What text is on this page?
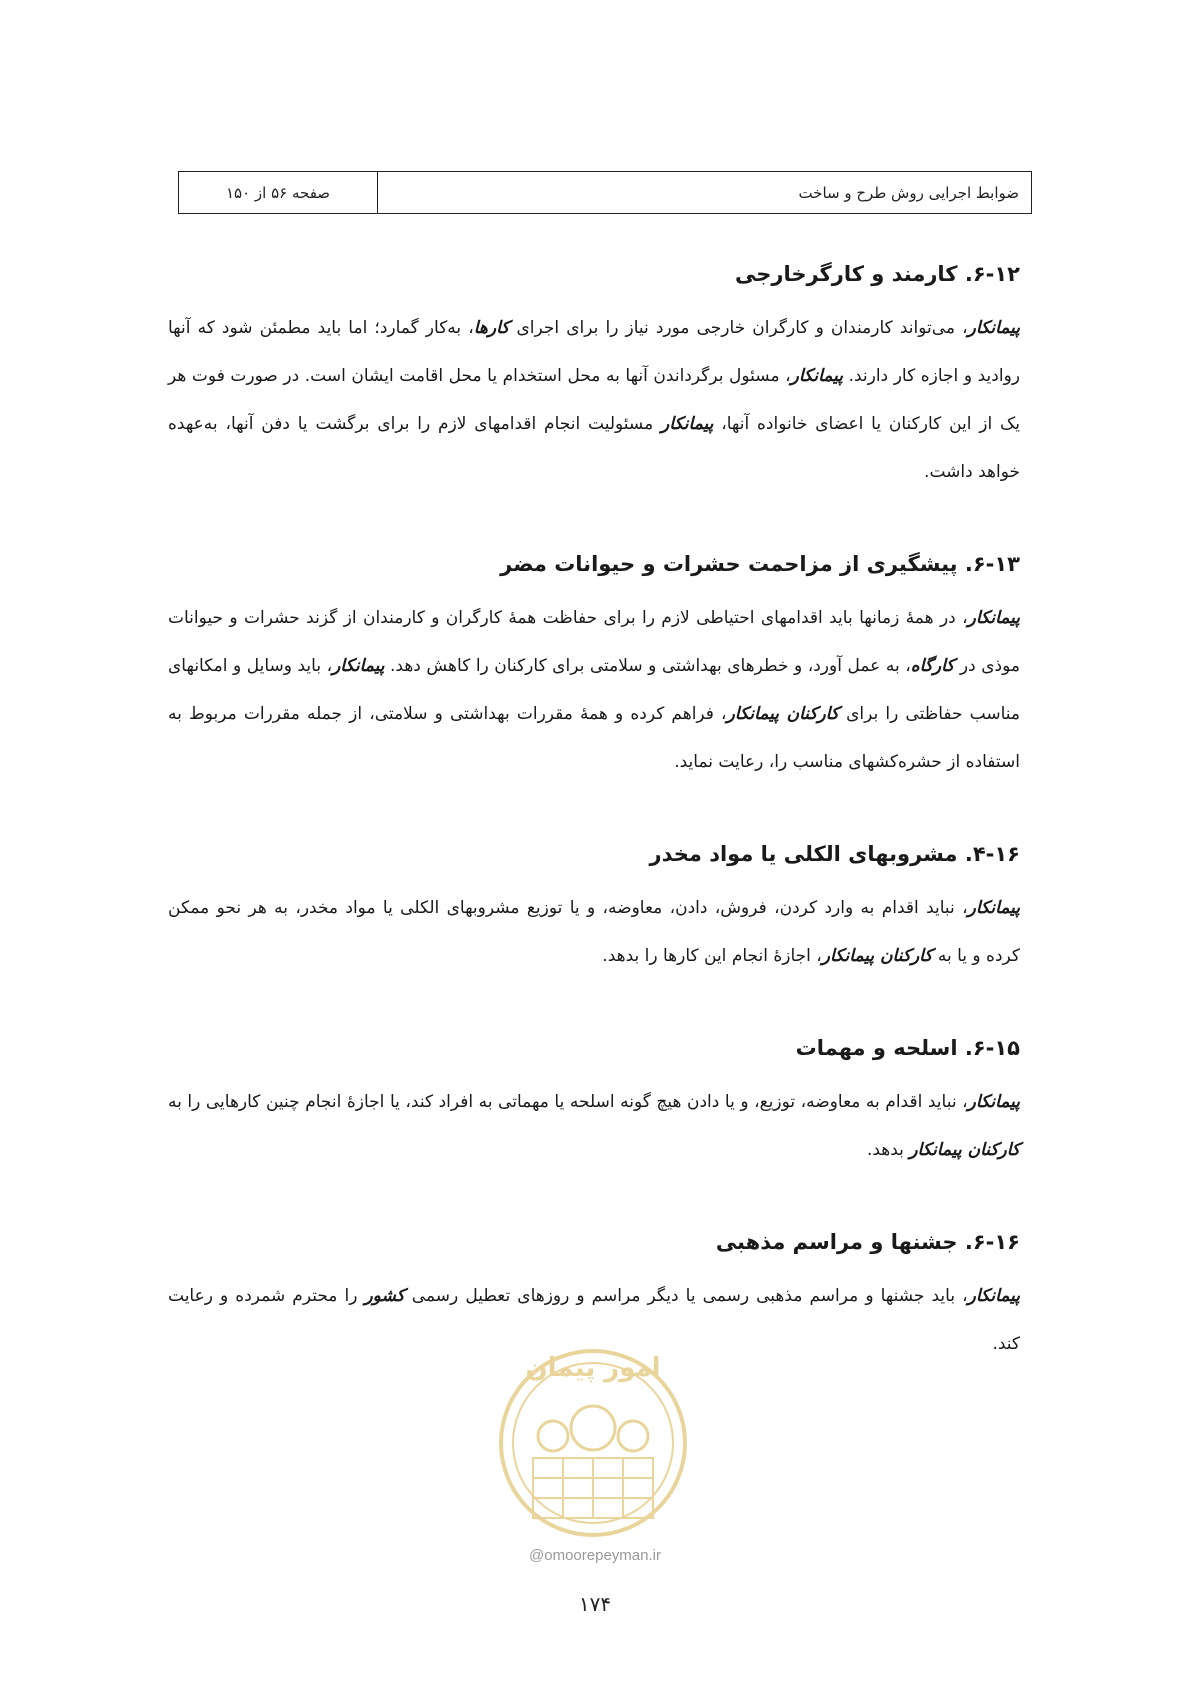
ضوابط اجرایی روش طرح و ساخت
صفحه ۵۶ از ۱۵۰
۶-۱۲. کارمند و کارگرخارجی

پیمانکار، می‌تواند کارمندان و کارگران خارجی مورد نیاز را برای اجرای کارها، به‌کار گمارد؛ اما باید مطمئن شود که آنها روادید و اجازه کار دارند. پیمانکار، مسئول برگرداندن آنها به محل استخدام یا محل اقامت ایشان است. در صورت فوت هر یک از این کارکنان یا اعضای خانواده آنها، پیمانکار مسئولیت انجام اقدامهای لازم را برای برگشت یا دفن آنها، به‌عهده خواهد داشت.

۶-۱۳. پیشگیری از مزاحمت حشرات و حیوانات مضر

پیمانکار، در همهٔ زمانها باید اقدامهای احتیاطی لازم را برای حفاظت همهٔ کارگران و کارمندان از گزند حشرات و حیوانات موذی در کارگاه، به عمل آورد، و خطرهای بهداشتی و سلامتی برای کارکنان را کاهش دهد. پیمانکار، باید وسایل و امکانهای مناسب حفاظتی را برای کارکنان پیمانکار، فراهم کرده و همهٔ مقررات بهداشتی و سلامتی، از جمله مقررات مربوط به استفاده از حشره‌کشهای مناسب را، رعایت نماید.

۴-۱۶. مشروبهای الکلی یا مواد مخدر

پیمانکار، نباید اقدام به وارد کردن، فروش، دادن، معاوضه، و یا توزیع مشروبهای الکلی یا مواد مخدر، به هر نحو ممکن کرده و یا به کارکنان پیمانکار، اجازهٔ انجام این کارها را بدهد.

۶-۱۵. اسلحه و مهمات

پیمانکار، نباید اقدام به معاوضه، توزیع، و یا دادن هیچ گونه اسلحه یا مهماتی به افراد کند، یا اجازهٔ انجام چنین کارهایی را به کارکنان پیمانکار بدهد.

۶-۱۶. جشنها و مراسم مذهبی

پیمانکار، باید جشنها و مراسم مذهبی رسمی یا دیگر مراسم و روزهای تعطیل رسمی کشور را محترم شمرده و رعایت کند.

امور پیمان
@omoorepeyman.ir
۱۷۴
